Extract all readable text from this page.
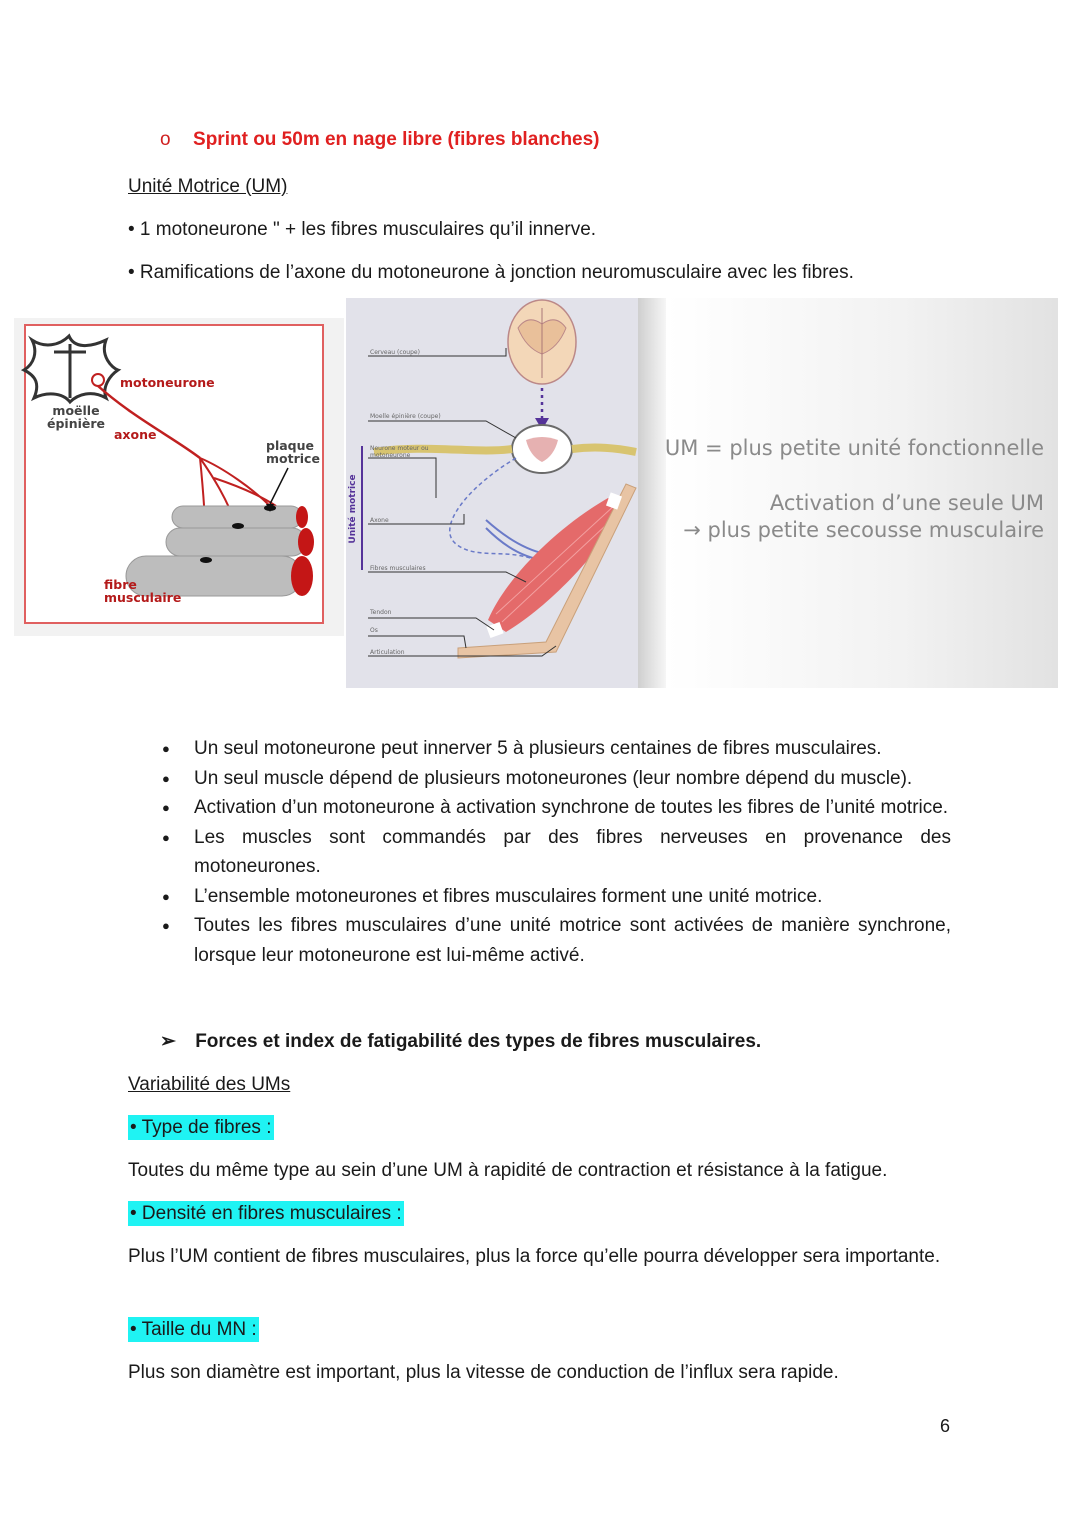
o Sprint ou 50m en nage libre (fibres blanches)
Unité Motrice (UM)
• 1 motoneurone " + les fibres musculaires qu’il innerve.
• Ramifications de l’axone du motoneurone à jonction neuromusculaire avec les fibres.
motoneurone
moëlle épinière
axone
plaque motrice
fibre musculaire
Cerveau (coupe)
Moelle épinière (coupe)
Neurone moteur ou motoneurone
Axone
Fibres musculaires
Tendon
Os
Articulation
Unité motrice
UM = plus petite unité fonctionnelle
Activation d’une seule UM
→ plus petite secousse musculaire
● Un seul motoneurone peut innerver 5 à plusieurs centaines de fibres musculaires.
● Un seul muscle dépend de plusieurs motoneurones (leur nombre dépend du muscle).
● Activation d’un motoneurone à activation synchrone de toutes les fibres de l’unité motrice.
● Les muscles sont commandés par des fibres nerveuses en provenance des motoneurones.
● L’ensemble motoneurones et fibres musculaires forment une unité motrice.
● Toutes les fibres musculaires d’une unité motrice sont activées de manière synchrone, lorsque leur motoneurone est lui-même activé.
➢ Forces et index de fatigabilité des types de fibres musculaires.
Variabilité des UMs
• Type de fibres :
Toutes du même type au sein d’une UM à rapidité de contraction et résistance à la fatigue.
• Densité en fibres musculaires :
Plus l’UM contient de fibres musculaires, plus la force qu’elle pourra développer sera importante.
• Taille du MN :
Plus son diamètre est important, plus la vitesse de conduction de l’influx sera rapide.
6
